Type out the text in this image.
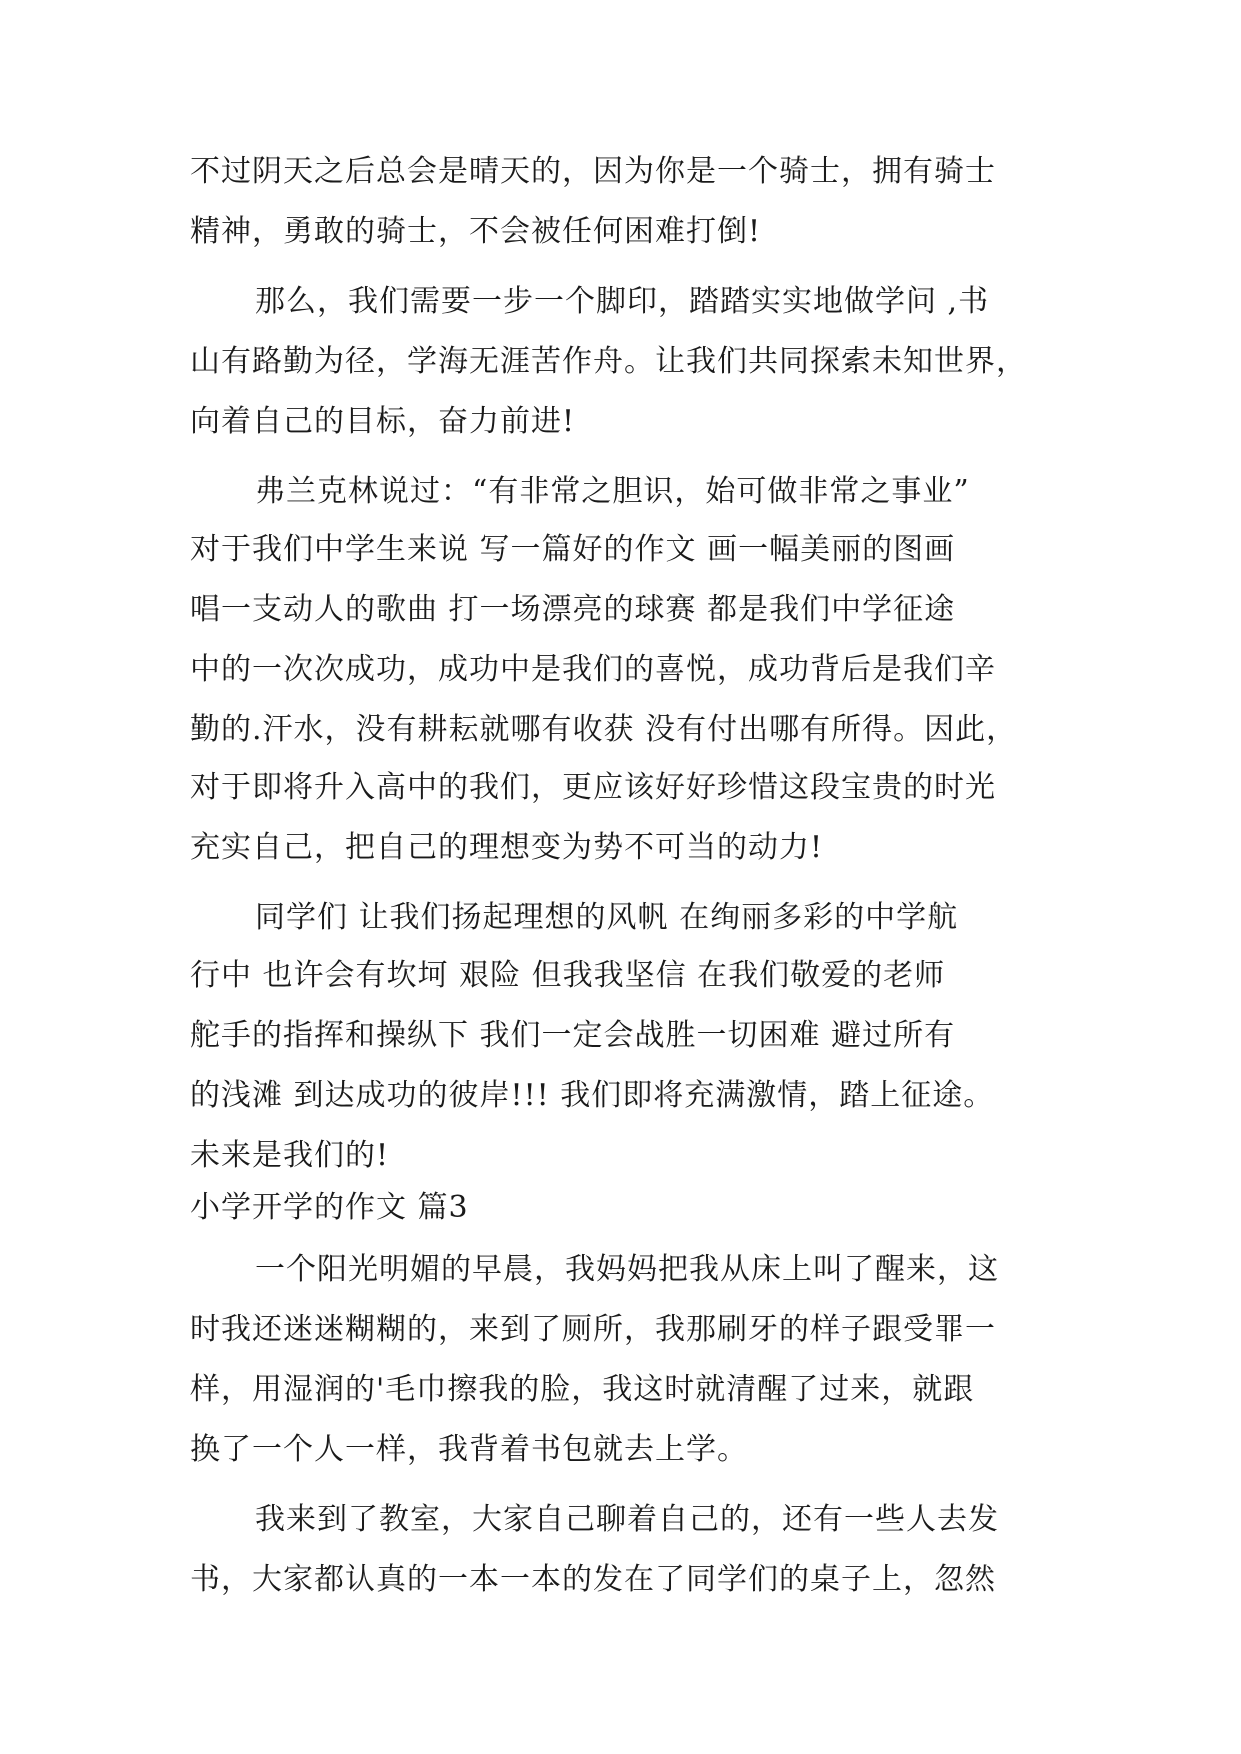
不过阴天之后总会是晴天的，因为你是一个骑士，拥有骑士
精神，勇敢的骑士，不会被任何困难打倒!
那么，我们需要一步一个脚印，踏踏实实地做学问 ,书
山有路勤为径，学海无涯苦作舟。让我们共同探索未知世界，
向着自己的目标，奋力前进!
弗兰克林说过：“有非常之胆识，始可做非常之事业”
对于我们中学生来说 写一篇好的作文 画一幅美丽的图画
唱一支动人的歌曲 打一场漂亮的球赛 都是我们中学征途
中的一次次成功，成功中是我们的喜悦，成功背后是我们辛
勤的.汗水，没有耕耘就哪有收获 没有付出哪有所得。因此，
对于即将升入高中的我们，更应该好好珍惜这段宝贵的时光
充实自己，把自己的理想变为势不可当的动力!
同学们 让我们扬起理想的风帆 在绚丽多彩的中学航
行中 也许会有坎坷 艰险 但我我坚信 在我们敬爱的老师
舵手的指挥和操纵下 我们一定会战胜一切困难 避过所有
的浅滩 到达成功的彼岸!!! 我们即将充满激情，踏上征途。
未来是我们的!
小学开学的作文 篇3
一个阳光明媚的早晨，我妈妈把我从床上叫了醒来，这
时我还迷迷糊糊的，来到了厕所，我那刷牙的样子跟受罪一
样，用湿润的'毛巾擦我的脸，我这时就清醒了过来，就跟
换了一个人一样，我背着书包就去上学。
我来到了教室，大家自己聊着自己的，还有一些人去发
书，大家都认真的一本一本的发在了同学们的桌子上，忽然
